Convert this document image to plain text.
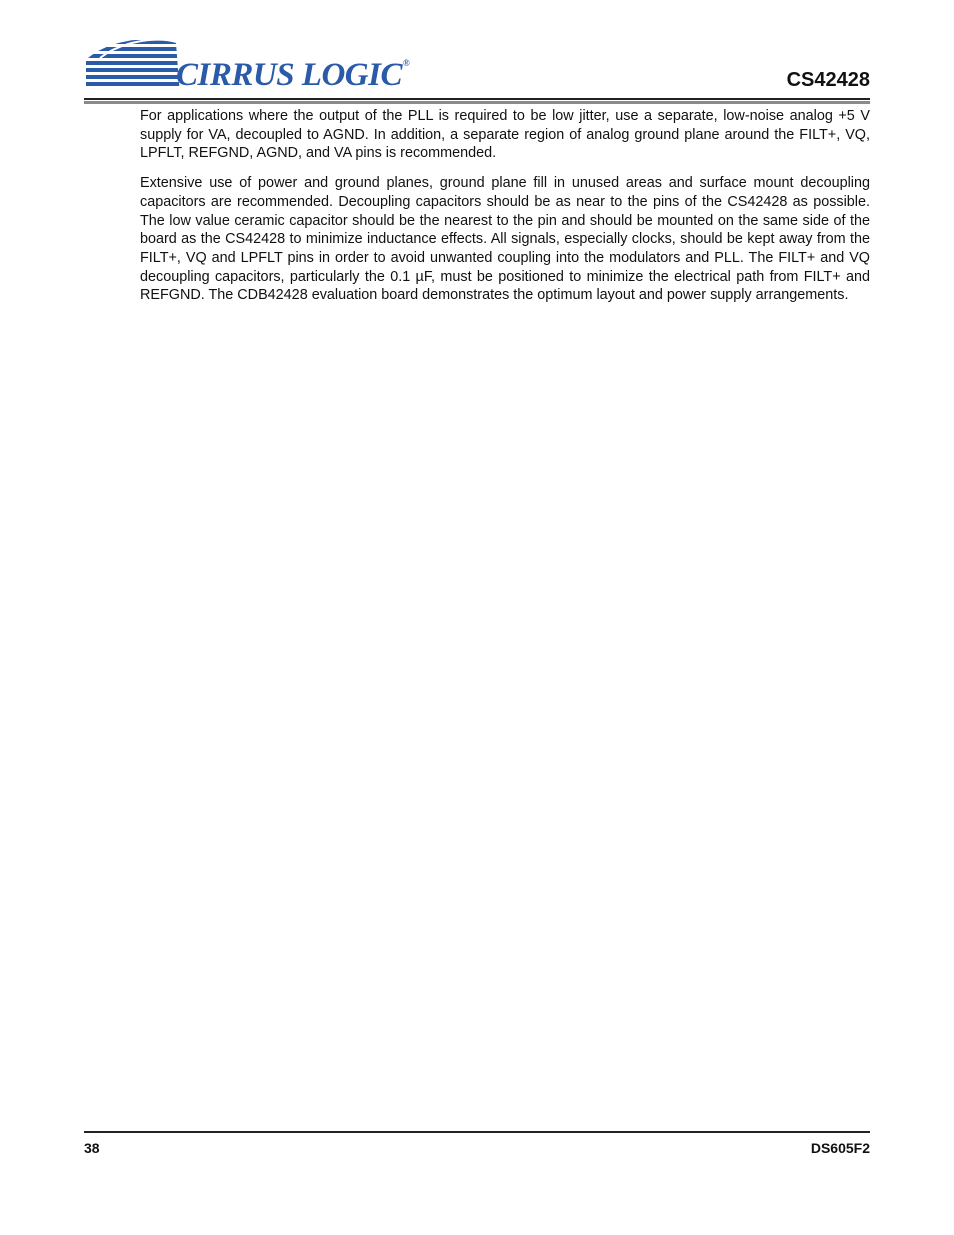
CIRRUS LOGIC®
CS42428

For applications where the output of the PLL is required to be low jitter, use a separate, low-noise analog +5 V supply for VA, decoupled to AGND. In addition, a separate region of analog ground plane around the FILT+, VQ, LPFLT, REFGND, AGND, and VA pins is recommended.

Extensive use of power and ground planes, ground plane fill in unused areas and surface mount decoupling capacitors are recommended. Decoupling capacitors should be as near to the pins of the CS42428 as possible. The low value ceramic capacitor should be the nearest to the pin and should be mounted on the same side of the board as the CS42428 to minimize inductance effects. All signals, especially clocks, should be kept away from the FILT+, VQ and LPFLT pins in order to avoid unwanted coupling into the modulators and PLL. The FILT+ and VQ decoupling capacitors, particularly the 0.1 µF, must be positioned to minimize the electrical path from FILT+ and REFGND. The CDB42428 evaluation board demonstrates the optimum layout and power supply arrangements.

38	DS605F2
